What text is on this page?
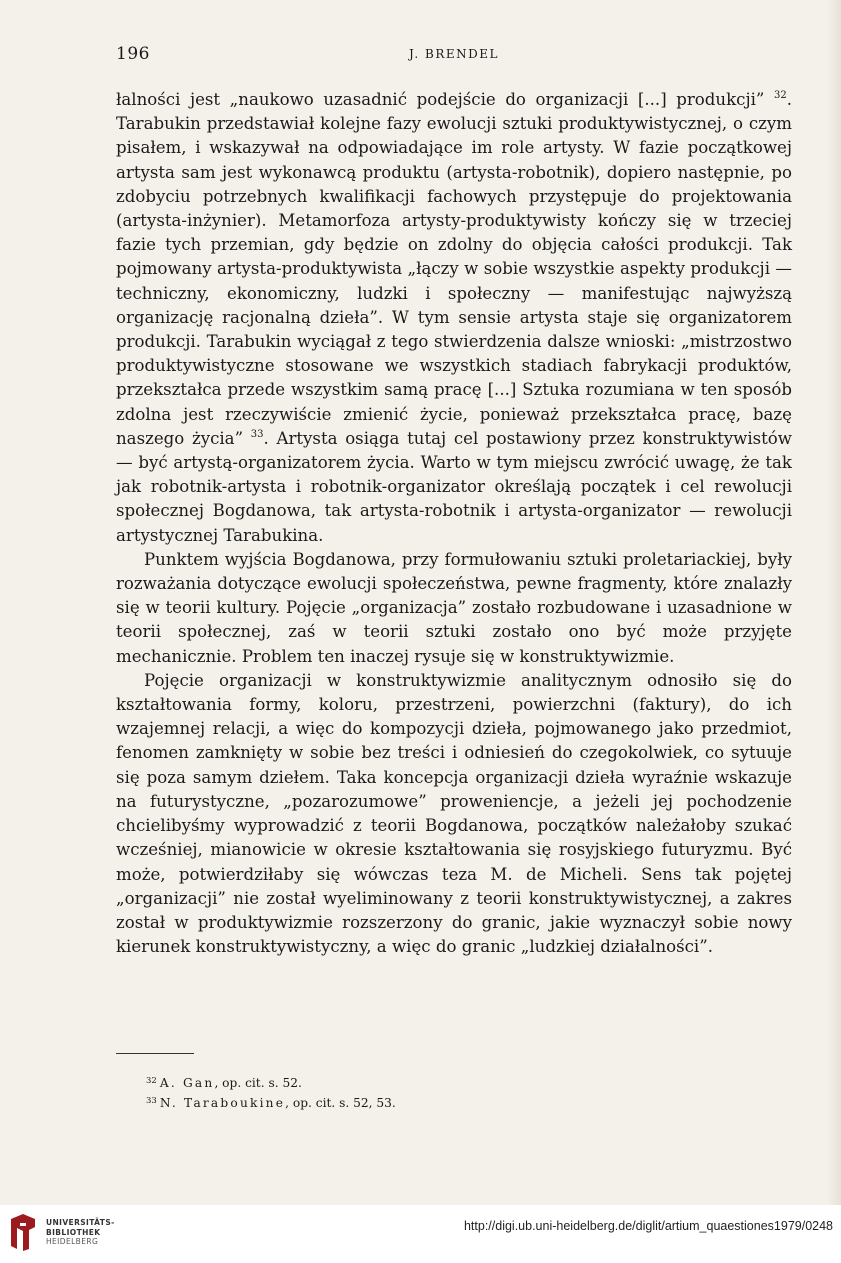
196	J. BRENDEL

łalności jest „naukowo uzasadnić podejście do organizacji [...] produkcji” $^{32}$. Tarabukin przedstawiał kolejne fazy ewolucji sztuki produktywistycznej, o czym pisałem, i wskazywał na odpowiadające im role artysty. W fazie początkowej artysta sam jest wykonawcą produktu (artysta-robotnik), dopiero następnie, po zdobyciu potrzebnych kwalifikacji fachowych przystępuje do projektowania (artysta-inżynier). Metamorfoza artysty-produktywisty kończy się w trzeciej fazie tych przemian, gdy będzie on zdolny do objęcia całości produkcji. Tak pojmowany artysta-produktywista „łączy w sobie wszystkie aspekty produkcji — techniczny, ekonomiczny, ludzki i społeczny — manifestując najwyższą organizację racjonalną dzieła”. W tym sensie artysta staje się organizatorem produkcji. Tarabukin wyciągał z tego stwierdzenia dalsze wnioski: „mistrzostwo produktywistyczne stosowane we wszystkich stadiach fabrykacji produktów, przekształca przede wszystkim samą pracę [...] Sztuka rozumiana w ten sposób zdolna jest rzeczywiście zmienić życie, ponieważ przekształca pracę, bazę naszego życia” $^{33}$. Artysta osiąga tutaj cel postawiony przez konstruktywistów — być artystą-organizatorem życia. Warto w tym miejscu zwrócić uwagę, że tak jak robotnik-artysta i robotnik-organizator określają początek i cel rewolucji społecznej Bogdanowa, tak artysta-robotnik i artysta-organizator — rewolucji artystycznej Tarabukina.

Punktem wyjścia Bogdanowa, przy formułowaniu sztuki proletariackiej, były rozważania dotyczące ewolucji społeczeństwa, pewne fragmenty, które znalazły się w teorii kultury. Pojęcie „organizacja” zostało rozbudowane i uzasadnione w teorii społecznej, zaś w teorii sztuki zostało ono być może przyjęte mechanicznie. Problem ten inaczej rysuje się w konstruktywizmie.

Pojęcie organizacji w konstruktywizmie analitycznym odnosiło się do kształtowania formy, koloru, przestrzeni, powierzchni (faktury), do ich wzajemnej relacji, a więc do kompozycji dzieła, pojmowanego jako przedmiot, fenomen zamknięty w sobie bez treści i odniesień do czegokolwiek, co sytuuje się poza samym dziełem. Taka koncepcja organizacji dzieła wyraźnie wskazuje na futurystyczne, „pozarozumowe” proweniencje, a jeżeli jej pochodzenie chcielibyśmy wyprowadzić z teorii Bogdanowa, początków należałoby szukać wcześniej, mianowicie w okresie kształtowania się rosyjskiego futuryzmu. Być może, potwierdziłaby się wówczas teza M. de Micheli. Sens tak pojętej „organizacji” nie został wyeliminowany z teorii konstruktywistycznej, a zakres został w produktywizmie rozszerzony do granic, jakie wyznaczył sobie nowy kierunek konstruktywistyczny, a więc do granic „ludzkiej działalności”.

$^{32}$ A. Gan, op. cit. s. 52.

$^{33}$ N. Taraboukine, op. cit. s. 52, 53.

UNIVERSITÄTS-
BIBLIOTHEK
HEIDELBERG
http://digi.ub.uni-heidelberg.de/diglit/artium_quaestiones1979/0248
